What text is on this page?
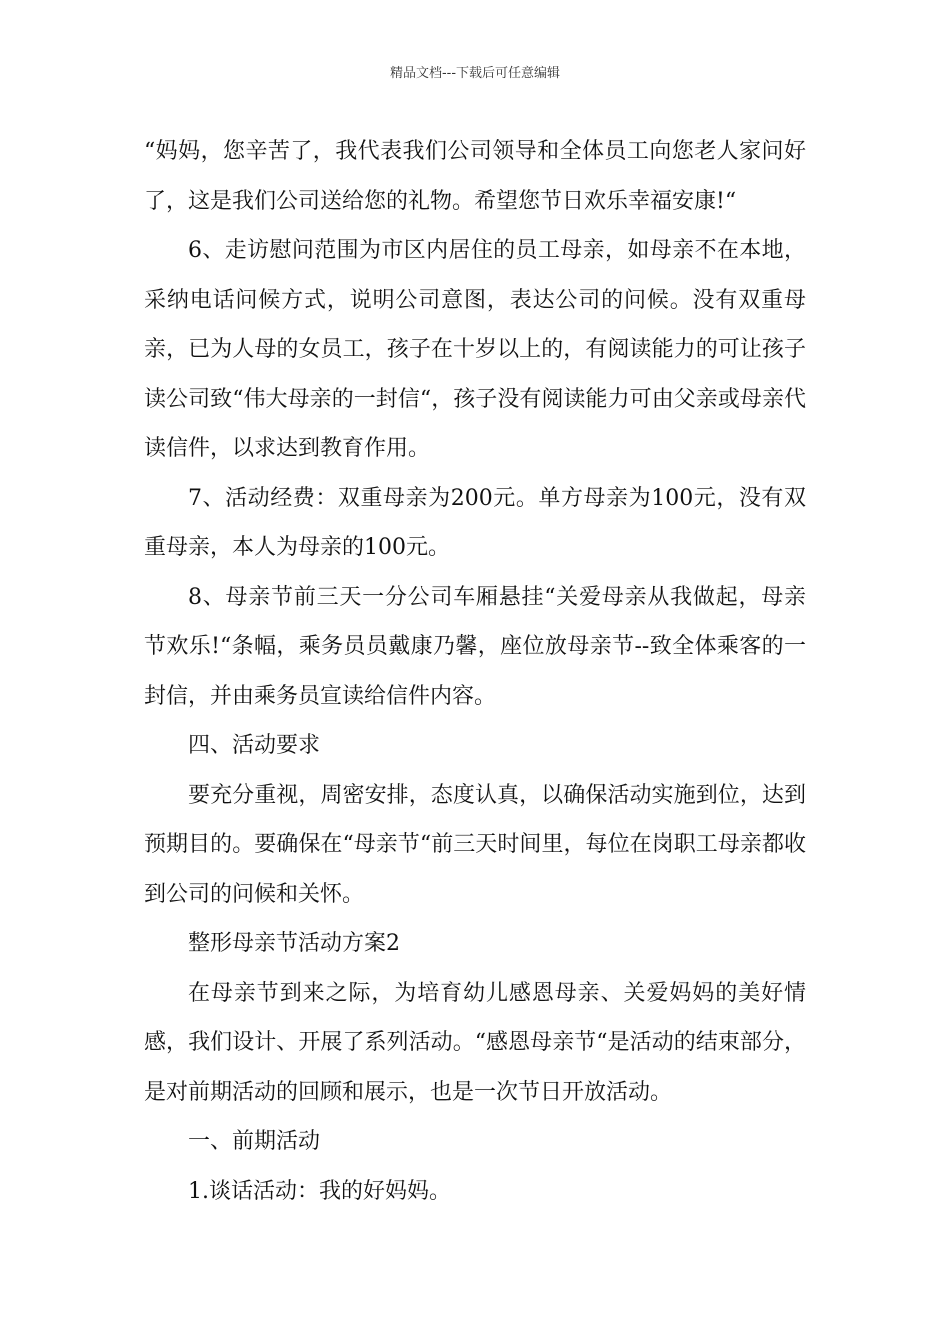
精品文档---下载后可任意编辑

“妈妈，您辛苦了，我代表我们公司领导和全体员工向您老人家问好了，这是我们公司送给您的礼物。希望您节日欢乐幸福安康!“

6、走访慰问范围为市区内居住的员工母亲，如母亲不在本地，采纳电话问候方式，说明公司意图，表达公司的问候。没有双重母亲，已为人母的女员工，孩子在十岁以上的，有阅读能力的可让孩子读公司致“伟大母亲的一封信“，孩子没有阅读能力可由父亲或母亲代读信件，以求达到教育作用。

7、活动经费：双重母亲为200元。单方母亲为100元，没有双重母亲，本人为母亲的100元。

8、母亲节前三天一分公司车厢悬挂“关爱母亲从我做起，母亲节欢乐!“条幅，乘务员员戴康乃馨，座位放母亲节--致全体乘客的一封信，并由乘务员宣读给信件内容。

四、活动要求

要充分重视，周密安排，态度认真，以确保活动实施到位，达到预期目的。要确保在“母亲节“前三天时间里，每位在岗职工母亲都收到公司的问候和关怀。

整形母亲节活动方案2

在母亲节到来之际，为培育幼儿感恩母亲、关爱妈妈的美好情感，我们设计、开展了系列活动。“感恩母亲节“是活动的结束部分，是对前期活动的回顾和展示，也是一次节日开放活动。

一、前期活动

1.谈话活动：我的好妈妈。
